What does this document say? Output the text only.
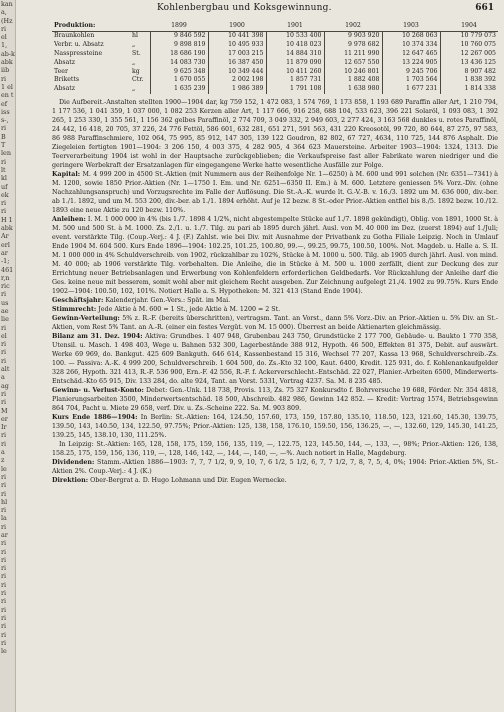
kan
a,
(Hz
ri
el
1,
ab-k
abk
iib
ri
1 el
en t
ef
iss
s-,
ri
B
T
len
ri
lt
kl
uf
ek
ri
ri
H 1
abk
Ar
erl
ar
-1;
461
r,n
ric
ri
us
ae
lie
ri
el
ri
ri
ri
alt
a
ag
ri
ri
M
er
Ir
ri
ri
a
z
le
ri
ri
ri
hl
ri
la
ri
ar
ri
ri
ri
ri
ri
ri
ri
ri
ri
ri
ri
ri
ri
le
Kohlenbergbau und Koksgewinnung.	661
Produktion:		1899	1900	1901	1902	1903	1904
Braunkohlen	hl	9 846 592	10 441 398	10 533 400	9 903 920	10 268 063	10 779 073
Verbr. u. Absatz	„	9 898 819	10 495 933	10 418 023	9 978 682	10 374 334	10 760 075
Nasspressteine	St.	18 686 190	17 003 215	14 884 310	11 211 990	12 647 465	12 267 005
Absatz	„	14 083 730	16 387 450	11 879 090	12 657 550	13 224 905	13 436 125
Teer	kg	9 625 348	10 349 444	10 411 260	10 246 801	9 245 706	8 907 482
Briketts	Ctr.	1 670 055	2 002 198	1 857 731	1 882 408	1 703 564	1 838 392
Absatz	„	1 635 239	1 986 389	1 791 108	1 638 980	1 677 231	1 814 338

Die Aufbereit.-Anstalten stellten 1900—1904 dar, kg 759 152, 1 472 083, 1 574 769, 1 173 858, 1 193 689 Paraffin aller Art, 1 210 794, 1 177 536, 1 041 359, 1 037 000, 1 082 253 Kerzen aller Art, 1 117 666, 916 258, 688 104, 533 623, 396 221 Solaröl, 1 093 083, 1 392 265, 1 253 330, 1 355 561, 1 156 362 gelbes Paraffinöl, 2 774 709, 3 049 332, 2 949 603, 2 277 424, 3 163 568 dunkles u. rotes Paraffinöl, 24 442, 16 418, 20 705, 37 226, 24 776 Fettöl, 586 601, 632 281, 651 271, 591 563, 431 220 Kreosotöl, 99 720, 80 644, 87 275, 97 583, 86 988 Paraffinschmiere, 102 064, 75 995, 85 912, 147 305, 139 122 Goudron, 82 802, 67 727, 4634, 110 725, 144 876 Asphalt. Die Ziegeleien fertigten 1901—1904: 3 206 150, 4 003 375, 4 282 905, 4 364 623 Mauersteine. Arbeiter 1903—1904: 1324, 1313. Die Teerverarbeitung 1904 ist wohl in der Hauptsache zurückgeblieben; die Verkaufspreise fast aller Fabrikate waren niedriger und die geringere Werbekraft der Ersatzanlagen für eingegangene Werke hatte wesentliche Ausfälle zur Folge.

Kapital: M. 4 999 200 in 4500 St.-Aktien (mit Nummern aus der Reihenfolge Nr. 1—6250) à M. 600 und 991 solchen (Nr. 6351—7341) à M. 1200, sowie 1850 Prior.-Aktien (Nr. 1—1750 I. Em. und Nr. 6251—6350 II. Em.) à M. 600. Letztere geniessen 5% Vorz.-Div. (ohne Nachzahlungsanspruch) und Vorzugsrechte im Falle der Auflösung. Die St.-A.-K. wurde lt. G.-V.-B. v. 16./3. 1892 um M. 636 000, div.-ber. ab 1./1. 1892, und um M. 553 200, div.-ber. ab 1./1. 1894 erhöht. Auf je 12 bezw. 8 St.-oder Prior.-Aktien entfiel bis 8./5. 1892 bezw. 10./12. 1893 eine neue Aktie zu 120 bezw. 110%.

Anleihen: I. M. 1 000 000 in 4% (bis 1./7. 1898 4 1/2%, nicht abgestempelte Stücke auf 1./7. 1898 gekündigt), Oblig. von 1891, 1000 St. à M. 500 und 500 St. à M. 1000. Zs. 2./1. u. 1./7. Tilg. zu pari ab 1895 durch jährl. Ausl. von M. 40 000 im Dez. (zuerst 1894) auf 1./Juli; event. verstärkte Tilg. (Coup.-Verj.: 4 J. (F.) Zahlst. wie bei Div. mit Ausnahme der Privatbank zu Gotha Filiale Leipzig. Noch in Umlauf Ende 1904 M. 604 500. Kurs Ende 1896—1904: 102.25, 101.25, 100.80, 99.—, 99.25, 99.75, 100.50, 100%. Not. Magdeb. u. Halle a. S. II. M. 1 000 000 in 4% Schuldverschreib. von 1902, rückzahlbar zu 102%, Stücke à M. 1000 u. 500. Tilg. ab 1905 durch jährl. Ausl. von mind. M. 40 000; ab 1906 verstärkte Tilg. vorbehalten. Die Anleihe, die in Stücke à M. 500 u. 1000 zerfällt, dient zur Deckung des zur Errichtung neuer Betriebsanlagen und Erwerbung von Kohlenfeldern erforderlichen Geldbedarfs. Vor Rückzahlung der Anleihe darf die Ges. keine neue mit besserem, somit wohl aber mit gleichem Recht ausgeben. Zur Zeichnung aufgelegt 21./4. 1902 zu 99.75%. Kurs Ende 1902—1904: 100.50, 102, 101%. Notiert Halle a. S. Hypotheken: M. 321 413 (Stand Ende 1904).

Geschäftsjahr: Kalenderjahr. Gen.-Vers.: Spät. im Mai.

Stimmrecht: Jede Aktie à M. 600 = 1 St., jede Aktie à M. 1200 = 2 St.

Gewinn-Verteilung: 5% z. R.-F. (bereits überschritten), vertragsm. Tant. an Vorst., dann 5% Vorz.-Div. an Prior.-Aktien u. 5% Div. an St.-Aktien, vom Rest 5% Tant. an A.-R. (einer ein festes Vergüt. von M. 15 000). Überrest an beide Aktienarten gleichmässig.

Bilanz am 31. Dez. 1904: Aktiva: Grundbes. 1 407 948, Grubenbau 243 750, Grundstücke 2 177 700, Gebäude- u. Baukto 1 770 358, Utensil. u. Masch. 1 498 403, Wege u. Bahnen 532 300, Lagerbestände 388 912, Hypoth. 46 500, Effekten 81 375, Debit. auf auswärt. Werke 69 969, do. Bankgut. 425 609 Bankguth. 646 614, Kassenbestand 15 316, Wechsel 77 207, Kassa 13 968, Schuldverschreib.-Zs. 100. — Passiva: A.-K. 4 999 200, Schuldverschreib. 1 604 500, do. Zs.-Kto 32 100, Kaut. 6400, Kredit. 125 931, do. f. Kohlenankaufgelder 328 266, Hypoth. 321 413, R.-F. 536 900, Ern.-F. 42 556, R.-F. f. Ackerverschlecht.-Entschäd. 22 027, Planier.-Arbeiten 6500, Minderwerts-Entschäd.-Kto 65 915, Div. 133 284, do. alte 924, Tant. an Vorst. 5331, Vortrag 4237. Sa. M. 8 235 485.

Gewinn- u. Verlust-Konto: Debet: Gen.-Unk. 118 738, Provis. 113, Zs. 75 327 Konkursdto f. Bohrversuche 19 688, Förder. Nr. 354 4818, Planierungsarbeiten 3500, Minderwertsentschäd. 18 500, Abschreib. 482 986, Gewinn 142 852. — Kredit: Vortrag 1574, Betriebsgewinn 864 704, Pacht u. Miete 29 658, verf. Div. u. Zs.-Scheine 222. Sa. M. 903 809.

Kurs Ende 1886—1904: In Berlin: St.-Aktien: 164, 124.50, 157.60, 173, 159, 157.80, 135.10, 118.50, 123, 121.60, 145.30, 139.75, 139.50, 143, 140.50, 134, 122.50, 97.75%; Prior.-Aktien: 125, 138, 158, 176.10, 159.50, 156, 136.25, —, —, 132.60, 129, 145.30, 141.25, 139.25, 145, 138.10, 130, 111.25%.

In Leipzig: St.-Aktien: 165, 128, 158, 175, 159, 156, 135, 119, —, 122.75, 123, 145.50, 144, —, 133, —, 98%; Prior.-Aktien: 126, 138, 158.25, 175, 159, 156, 136, 119, —, 128, 146, 142, —, 144, —, 140, —, —%. Auch notiert in Halle, Magdeburg.

Dividenden: Stamm.-Aktien 1886—1903: 7, 7, 7 1/2, 9, 9, 10, 7, 6 1/2, 5 1/2, 6, 7, 7 1/2, 7, 8, 7, 5, 4, 0%; 1904: Prior.-Aktien 5%, St.-Aktien 2%. Coup.-Verj.: 4 J. (K.)

Direktion: Ober-Bergrat a. D. Hugo Lohmann und Dir. Eugen Wernecke.
